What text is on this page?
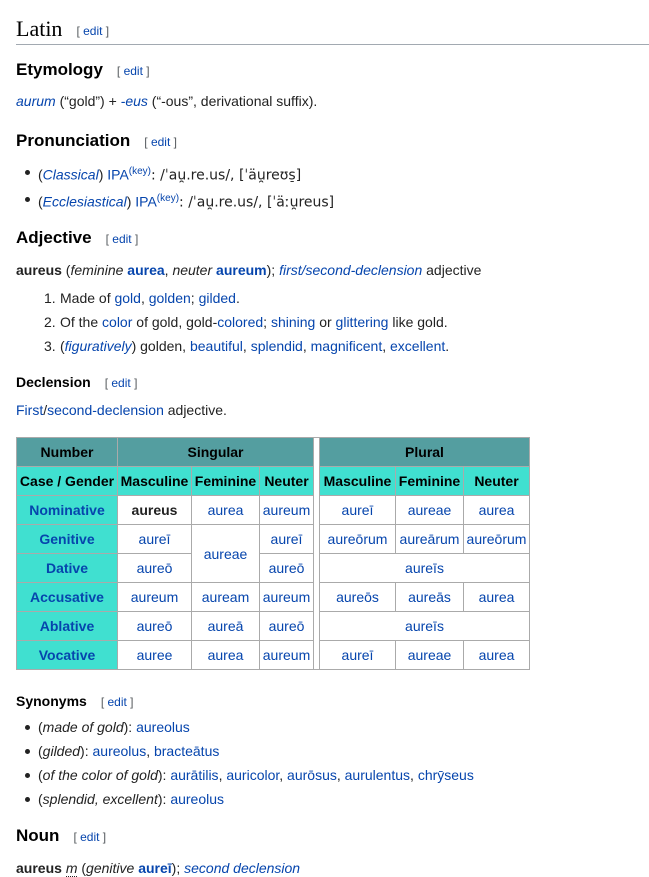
Latin [ edit ]
Etymology [ edit ]
aurum (“gold”) + -eus (“-ous”, derivational suffix).
Pronunciation [ edit ]
(Classical) $IPA^{(key)}$: /ˈau̯.re.us/, [ˈäu̯reʊs̠]
(Ecclesiastical) $IPA^{(key)}$: /ˈau̯.re.us/, [ˈäːu̯reus]
Adjective [ edit ]
aureus (feminine aurea, neuter aureum); first/second-declension adjective
1. Made of gold, golden; gilded.
2. Of the color of gold, gold-colored; shining or glittering like gold.
3. (figuratively) golden, beautiful, splendid, magnificent, excellent.
Declension [ edit ]
First/second-declension adjective.
Number	Singular				Plural		
Case / Gender	Masculine	Feminine	Neuter		Masculine	Feminine	Neuter
Nominative	aureus	aurea	aureum		aureī	aureae	aurea
Genitive	aureī	aureae	aureī		aureōrum	aureārum	aureōrum
Dative	aureō		aureō		aureīs		
Accusative	aureum	auream	aureum		aureōs	aureās	aurea
Ablative	aureō	aureā	aureō		aureīs		
Vocative	auree	aurea	aureum		aureī	aureae	aurea
Synonyms [ edit ]
(made of gold): aureolus
(gilded): aureolus, bracteātus
(of the color of gold): aurātilis, auricolor, aurōsus, aurulentus, chrȳseus
(splendid, excellent): aureolus
Noun [ edit ]
aureus m (genitive aureī); second declension
